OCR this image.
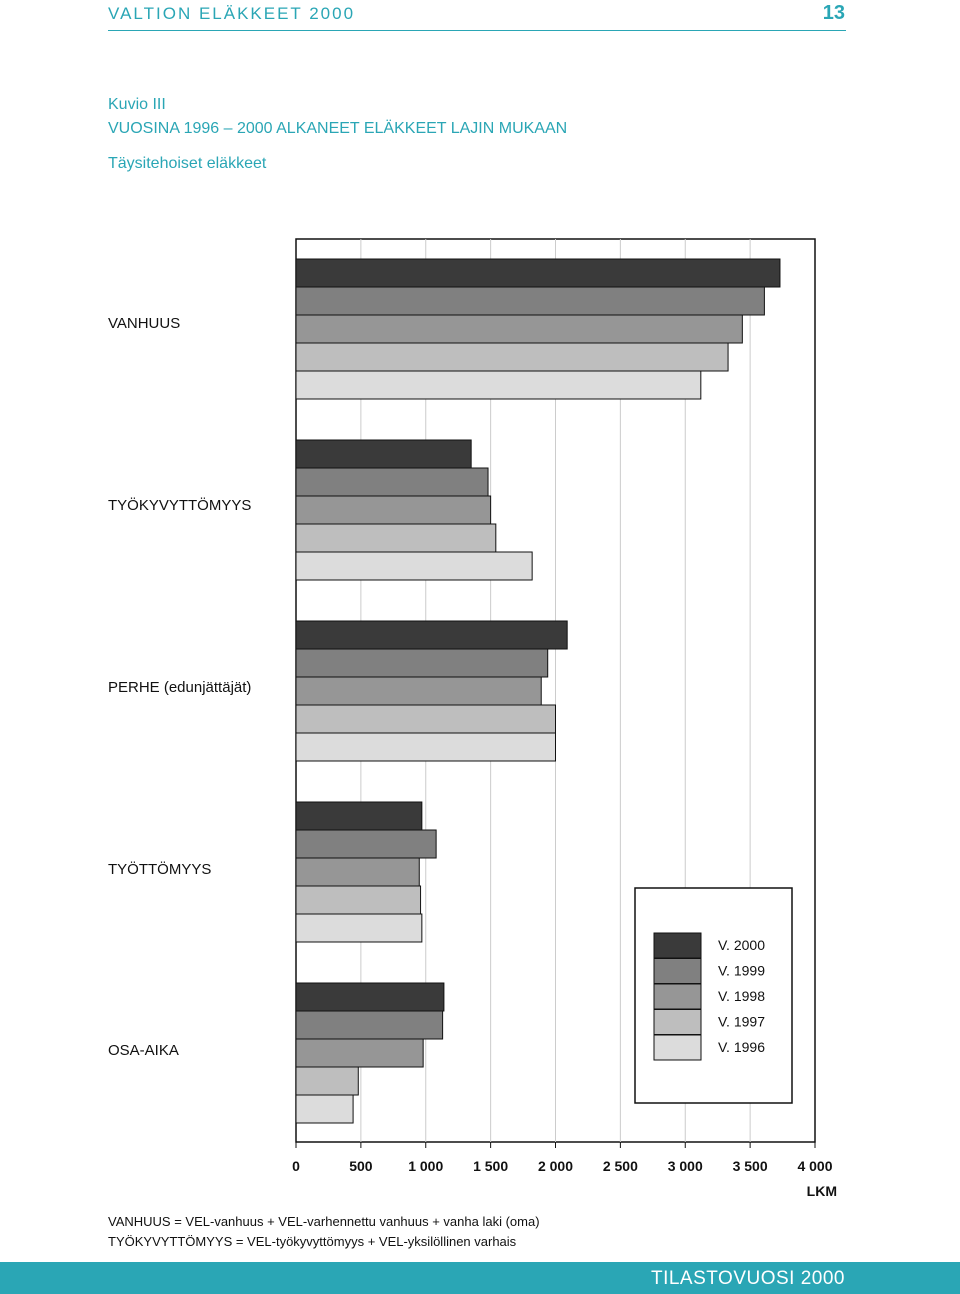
VALTION ELÄKKEET 2000	13
Kuvio III
VUOSINA 1996 – 2000 ALKANEET ELÄKKEET LAJIN MUKAAN
Täysitehoiset eläkkeet
VANHUUS
TYÖKYVYTTÖMYYS
PERHE (edunjättäjät)
TYÖTTÖMYYS
OSA-AIKA
0	500	1 000 1 500 2 000 2 500 3 000 3 500 4 000
LKM
V. 2000
V. 1999
V. 1998
V. 1997
V. 1996
VANHUUS = VEL-vanhuus + VEL-varhennettu vanhuus + vanha laki (oma)
TYÖKYVYTTÖMYYS = VEL-työkyvyttömyys + VEL-yksilöllinen varhais
TILASTOVUOSI 2000
